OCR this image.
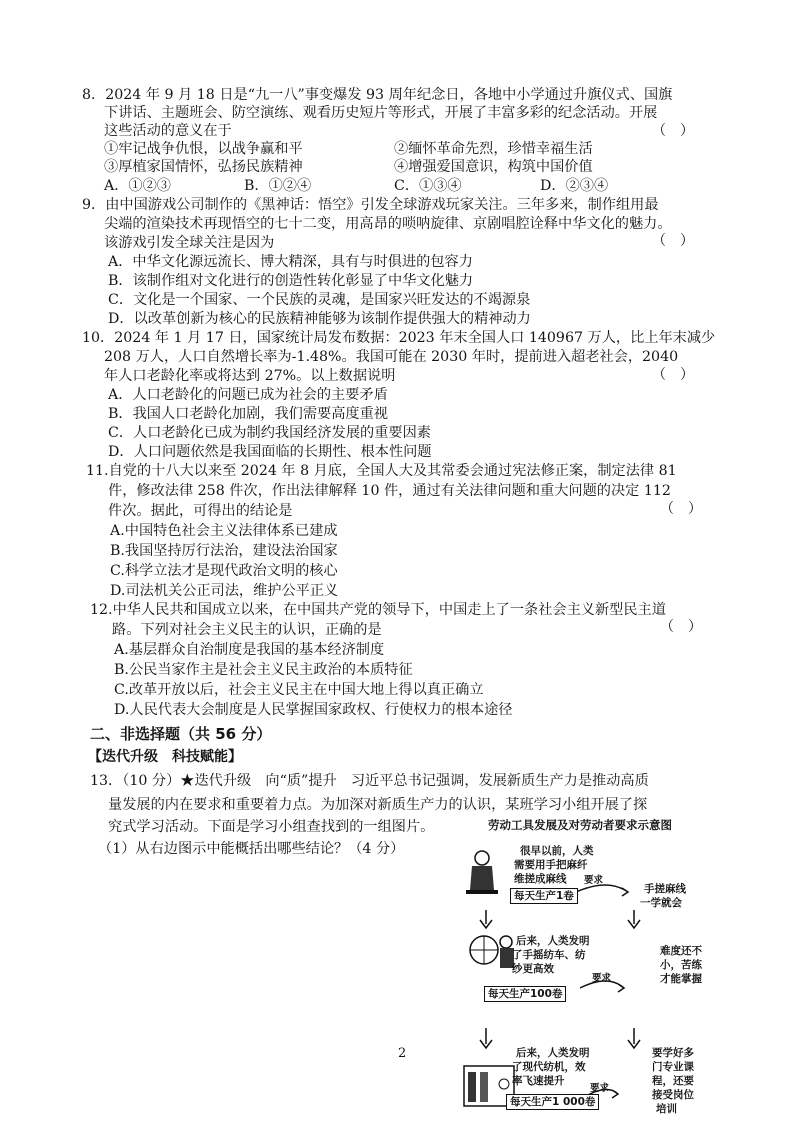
8．2024 年 9 月 18 日是“九一八”事变爆发 93 周年纪念日，各地中小学通过升旗仪式、国旗
下讲话、主题班会、防空演练、观看历史短片等形式，开展了丰富多彩的纪念活动。开展
这些活动的意义在于	（　）
①牢记战争仇恨，以战争赢和平	②缅怀革命先烈，珍惜幸福生活
③厚植家国情怀，弘扬民族精神	④增强爱国意识，构筑中国价值
A．①②③	B．①②④	C．①③④	D．②③④
9．由中国游戏公司制作的《黑神话：悟空》引发全球游戏玩家关注。三年多来，制作组用最
尖端的渲染技术再现悟空的七十二变，用高昂的唢呐旋律、京剧唱腔诠释中华文化的魅力。
该游戏引发全球关注是因为	（　）
A．中华文化源远流长、博大精深，具有与时俱进的包容力
B．该制作组对文化进行的创造性转化彰显了中华文化魅力
C．文化是一个国家、一个民族的灵魂，是国家兴旺发达的不竭源泉
D．以改革创新为核心的民族精神能够为该制作提供强大的精神动力
10．2024 年 1 月 17 日，国家统计局发布数据：2023 年末全国人口 140967 万人，比上年末减少
208 万人，人口自然增长率为-1.48%。我国可能在 2030 年时，提前进入超老社会，2040
年人口老龄化率或将达到 27%。以上数据说明	（　）
A．人口老龄化的问题已成为社会的主要矛盾
B．我国人口老龄化加剧，我们需要高度重视
C．人口老龄化已成为制约我国经济发展的重要因素
D．人口问题依然是我国面临的长期性、根本性问题
11.自党的十八大以来至 2024 年 8 月底，全国人大及其常委会通过宪法修正案，制定法律 81
件，修改法律 258 件次，作出法律解释 10 件，通过有关法律问题和重大问题的决定 112
件次。据此，可得出的结论是	（　）
A.中国特色社会主义法律体系已建成
B.我国坚持厉行法治，建设法治国家
C.科学立法才是现代政治文明的核心
D.司法机关公正司法，维护公平正义
12.中华人民共和国成立以来，在中国共产党的领导下，中国走上了一条社会主义新型民主道
路。下列对社会主义民主的认识，正确的是	（　）
A.基层群众自治制度是我国的基本经济制度
B.公民当家作主是社会主义民主政治的本质特征
C.改革开放以后，社会主义民主在中国大地上得以真正确立
D.人民代表大会制度是人民掌握国家政权、行使权力的根本途径
二、非选择题（共 56 分）
【迭代升级　科技赋能】
13．（10 分）★迭代升级　向“质”提升　习近平总书记强调，发展新质生产力是推动高质
量发展的内在要求和重要着力点。为加深对新质生产力的认识，某班学习小组开展了探
究式学习活动。下面是学习小组查找到的一组图片。
（1）从右边图示中能概括出哪些结论？（4 分）
劳动工具发展及对劳动者要求示意图
很早以前，人类
需要用手把麻纤
维搓成麻线
每天生产1卷
要求
手搓麻线
一学就会
后来，人类发明
了手摇纺车、纺
纱更高效
每天生产100卷
要求
难度还不
小，苦练
才能掌握
后来，人类发明
了现代纺机，效
率飞速提升
每天生产1 000卷
要求
要学好多
门专业课
程，还要
接受岗位
培训
2
